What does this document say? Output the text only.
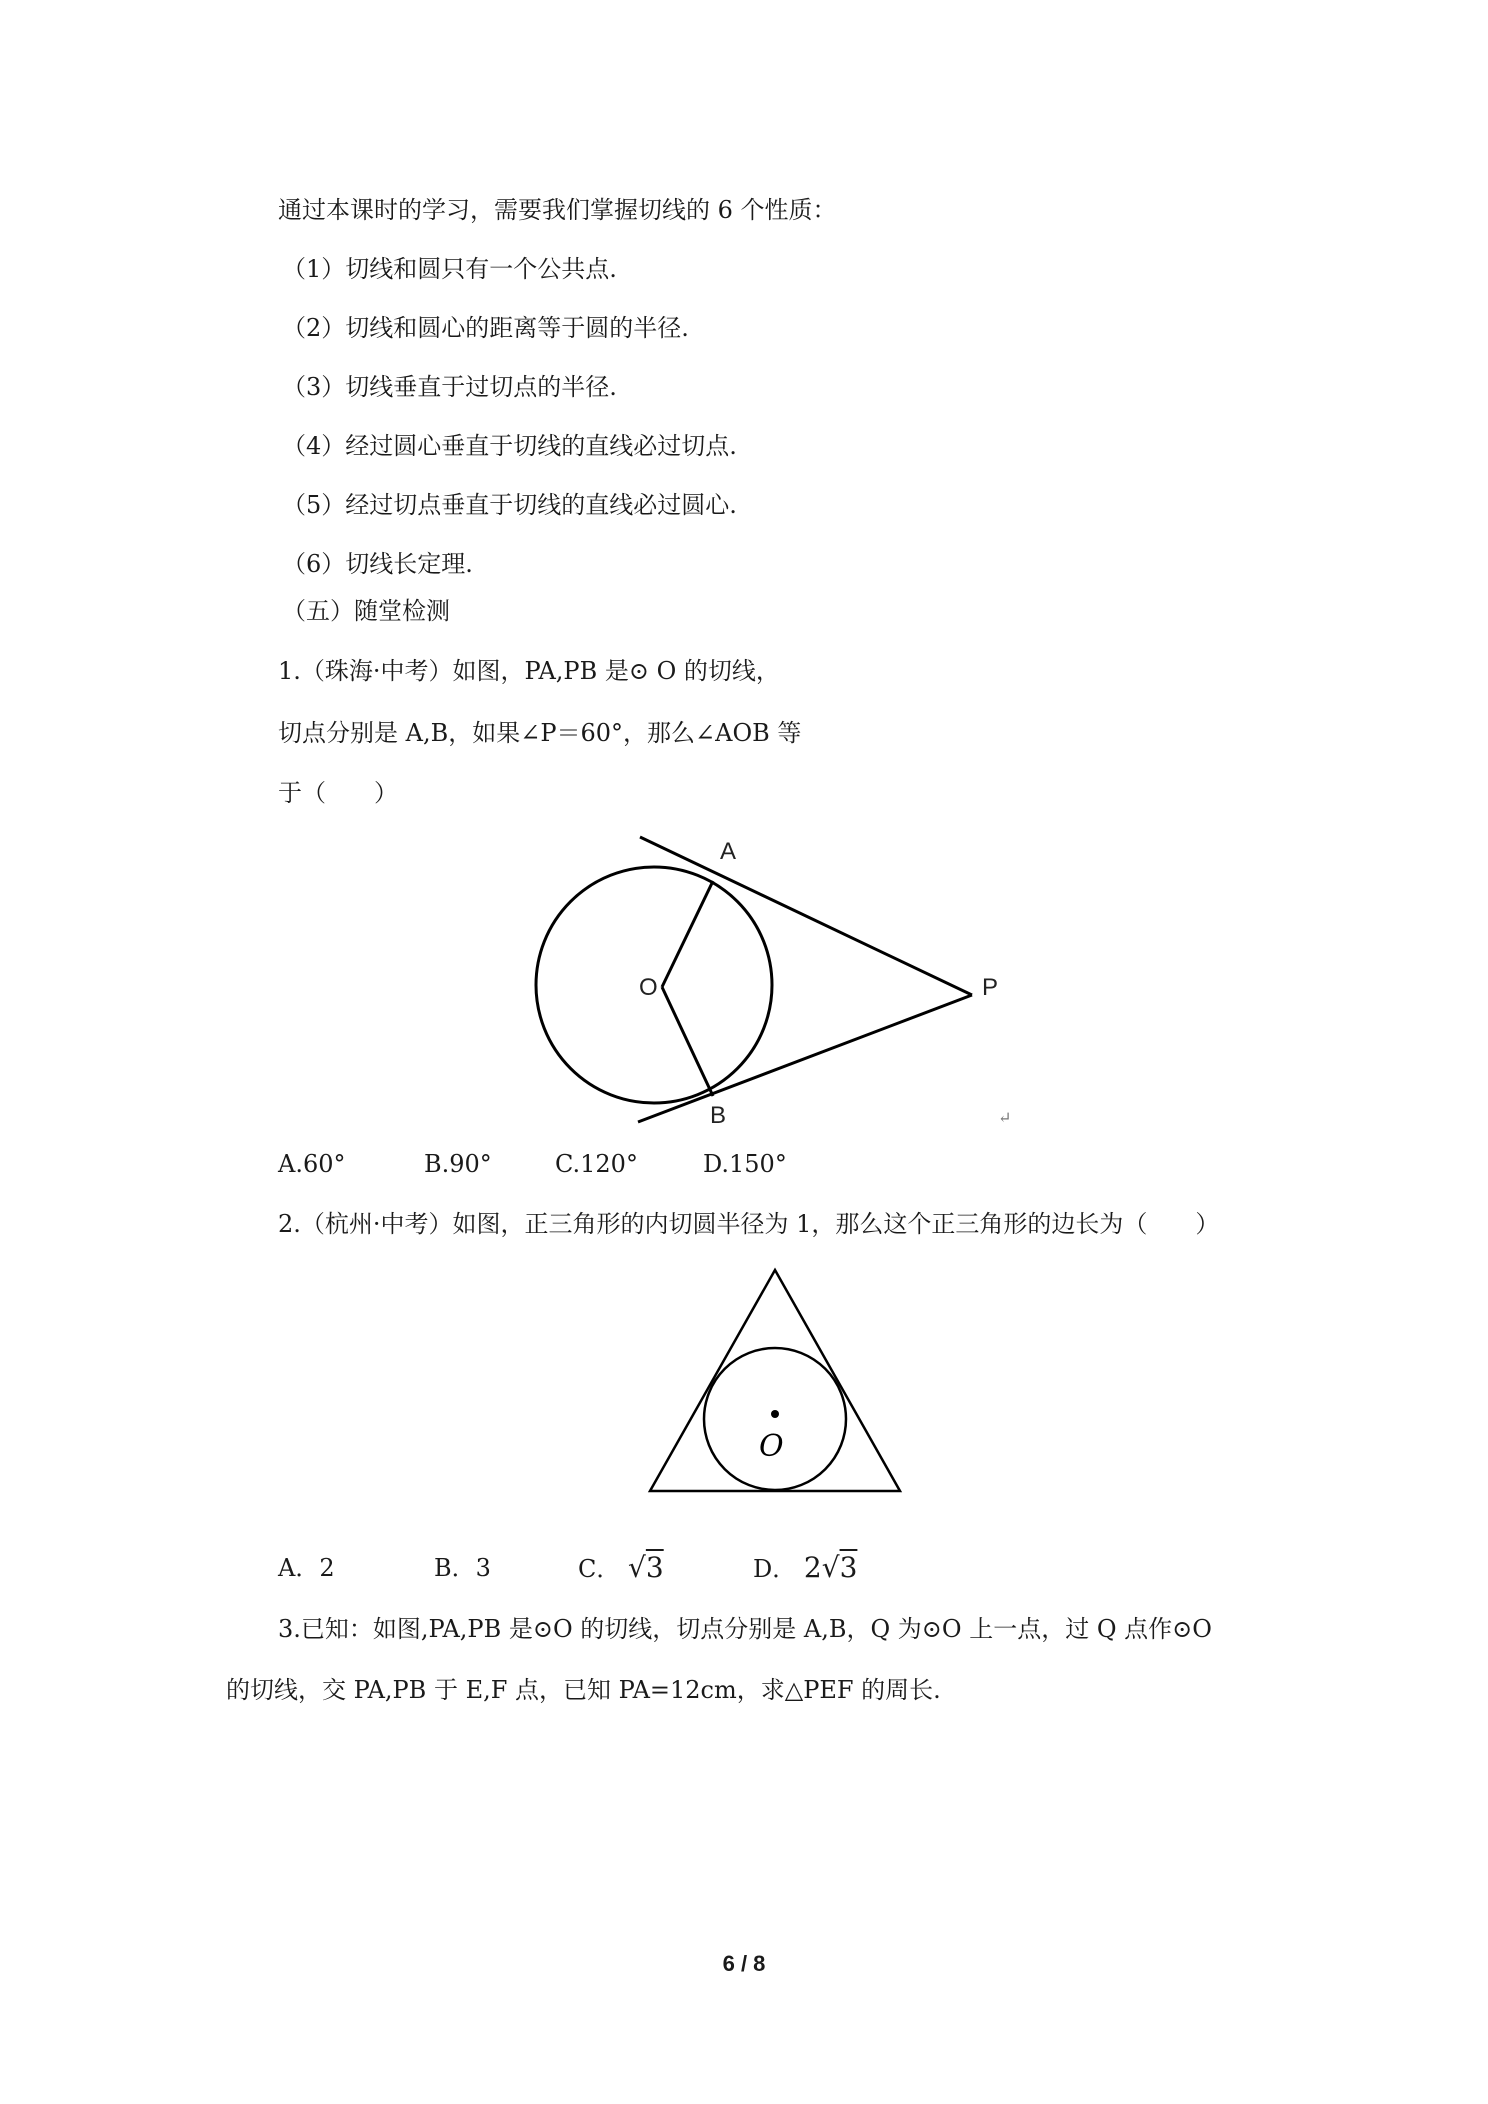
通过本课时的学习，需要我们掌握切线的 6 个性质：
（1）切线和圆只有一个公共点.
（2）切线和圆心的距离等于圆的半径.
（3）切线垂直于过切点的半径.
（4）经过圆心垂直于切线的直线必过切点.
（5）经过切点垂直于切线的直线必过圆心.
（6）切线长定理.
（五）随堂检测
1.（珠海·中考）如图，PA,PB 是⊙ O 的切线，
切点分别是 A,B，如果∠P＝60°，那么∠AOB 等
于（　　）
A
O	P
B	↵
A.60°	B.90°	C.120°	D.150°
2.（杭州·中考）如图，正三角形的内切圆半径为 1，那么这个正三角形的边长为（　　）
O
A．2	B．3	C． √3	D． 2√3
3.已知：如图,PA,PB 是⊙O 的切线，切点分别是 A,B，Q 为⊙O 上一点，过 Q 点作⊙O
的切线，交 PA,PB 于 E,F 点，已知 PA=12cm，求△PEF 的周长.
6 / 8
